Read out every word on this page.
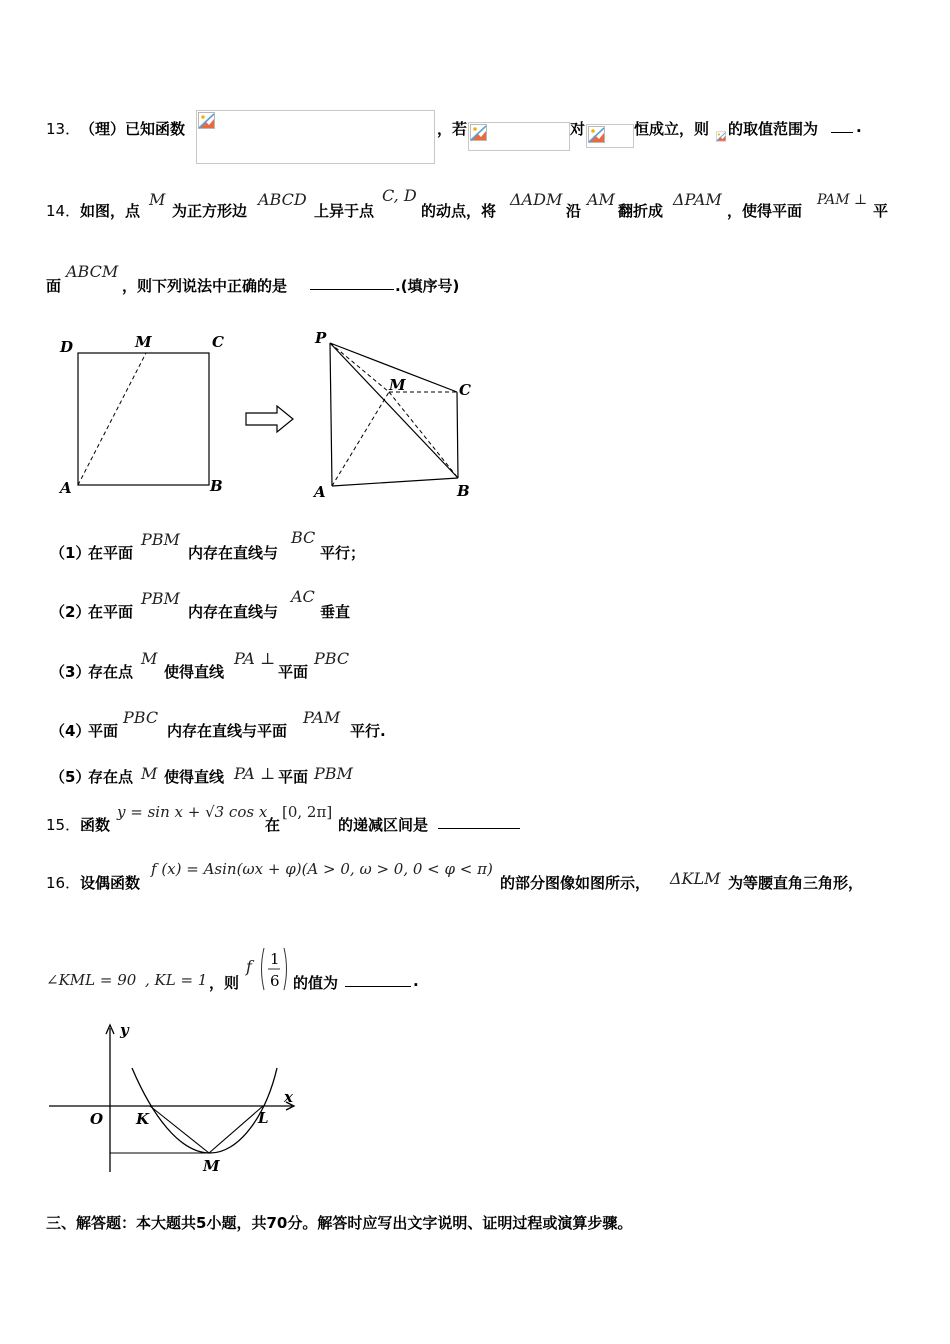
13． （理）已知函数	，若	对	恒成立，则 的取值范围为	.
14． 如图，点
M
为正方形边
ABCD
上异于点
C, D
的动点，将
ΔADM
沿
AM
翻折成
ΔPAM
，使得平面
PAM ⊥
平
面
ABCM
，则下列说法中正确的是	.(填序号)
D	M	C
A	B
P
M	C
A	B
（1）
在平面
PBM
内存在直线与
BC
平行；
（2）
在平面
PBM
内存在直线与
AC
垂直
（3）
存在点
M
使得直线
PA ⊥
平面
PBC
（4）
平面
PBC
内存在直线与平面
PAM
平行.
（5）
存在点 M 使得直线 PA ⊥ 平面 PBM
15． 函数
y = sin x + √3 cos x
在
[0, 2π]
的递减区间是
16． 设偶函数
f (x) = Asin(ωx + φ)(A > 0, ω > 0, 0 < φ < π)
的部分图像如图所示， ΔKLM 为等腰直角三角形，
∠KML = 90 , KL = 1 ，则
f 1
6 的值为	.
y
x
O K	L
M
三、解答题：本大题共5小题，共70分。解答时应写出文字说明、证明过程或演算步骤。
